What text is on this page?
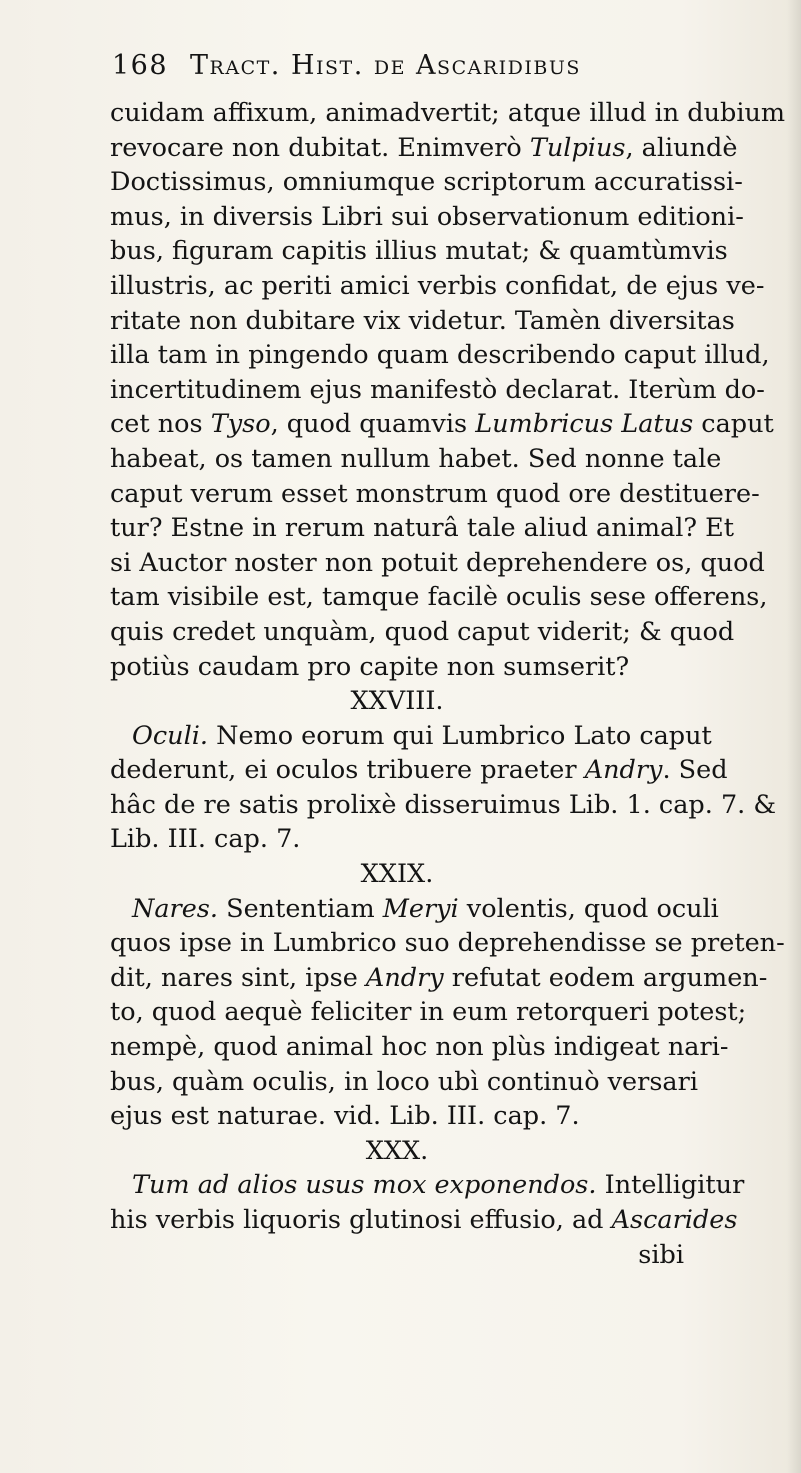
168 Tract. Hist. de Ascaridibus
cuidam affixum, animadvertit; atque illud in dubium
revocare non dubitat. Enimverò Tulpius, aliundè
Doctissimus, omniumque scriptorum accuratissi-
mus, in diversis Libri sui observationum editioni-
bus, figuram capitis illius mutat; & quamtùmvis
illustris, ac periti amici verbis confidat, de ejus ve-
ritate non dubitare vix videtur. Tamèn diversitas
illa tam in pingendo quam describendo caput illud,
incertitudinem ejus manifestò declarat. Iterùm do-
cet nos Tyso, quod quamvis Lumbricus Latus caput
habeat, os tamen nullum habet. Sed nonne tale
caput verum esset monstrum quod ore destituere-
tur? Estne in rerum naturâ tale aliud animal? Et
si Auctor noster non potuit deprehendere os, quod
tam visibile est, tamque facilè oculis sese offerens,
quis credet unquàm, quod caput viderit; & quod
potiùs caudam pro capite non sumserit?
XXVIII.
Oculi. Nemo eorum qui Lumbrico Lato caput
dederunt, ei oculos tribuere praeter Andry. Sed
hâc de re satis prolixè disseruimus Lib. 1. cap. 7. &
Lib. III. cap. 7.
XXIX.
Nares. Sententiam Meryi volentis, quod oculi
quos ipse in Lumbrico suo deprehendisse se preten-
dit, nares sint, ipse Andry refutat eodem argumen-
to, quod aequè feliciter in eum retorqueri potest;
nempè, quod animal hoc non plùs indigeat nari-
bus, quàm oculis, in loco ubì continuò versari
ejus est naturae. vid. Lib. III. cap. 7.
XXX.
Tum ad alios usus mox exponendos. Intelligitur
his verbis liquoris glutinosi effusio, ad Ascarides
sibi
